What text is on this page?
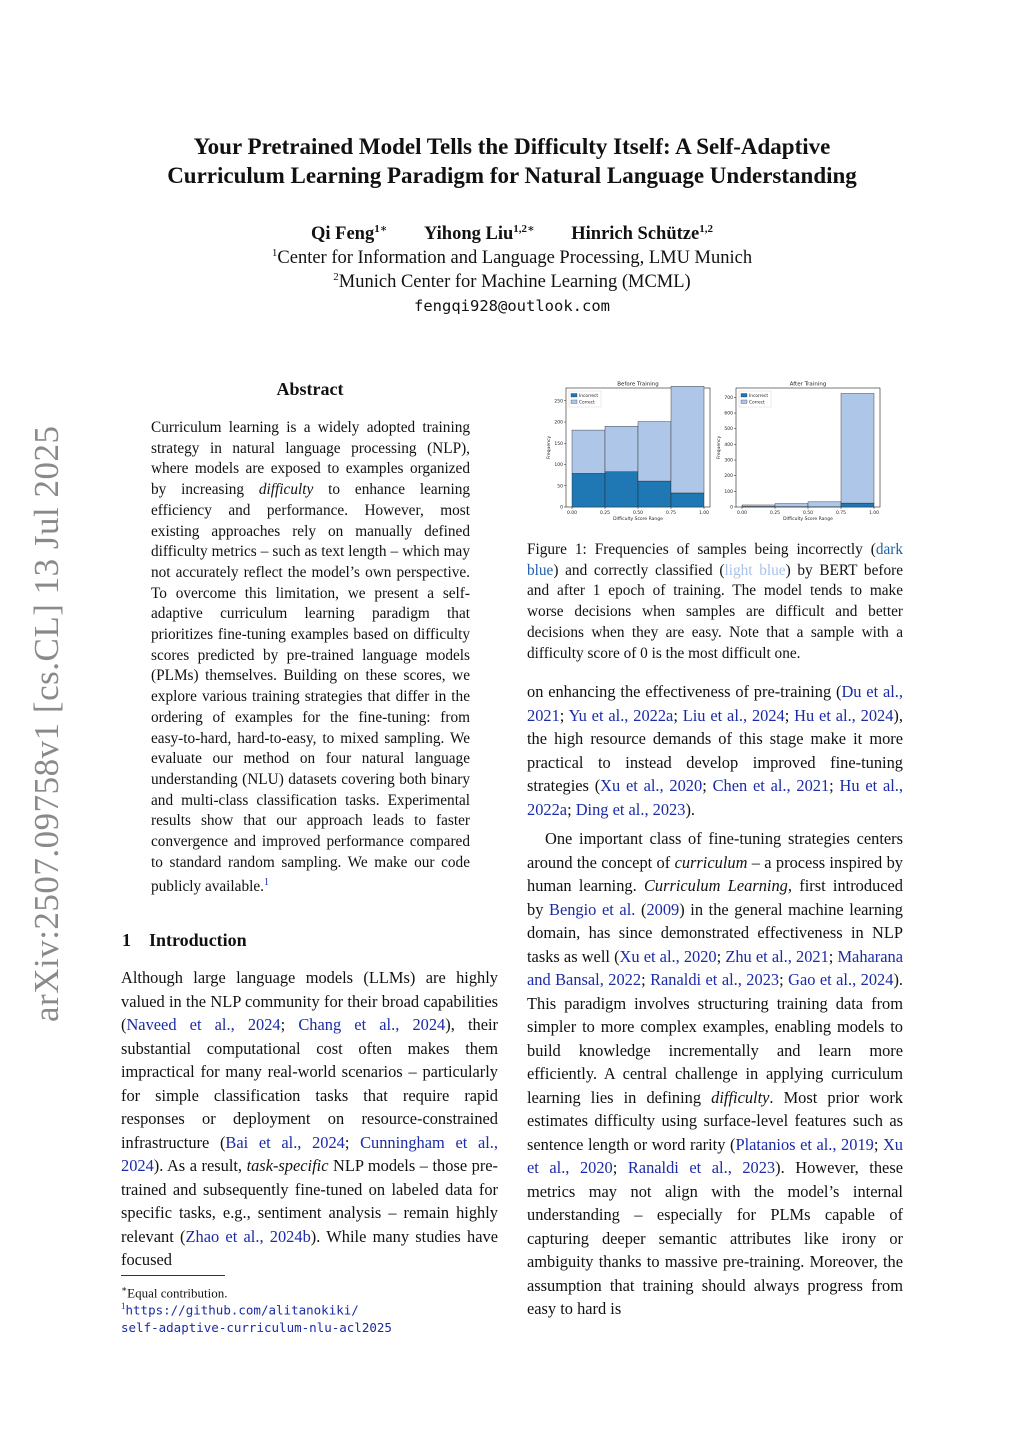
arXiv:2507.09758v1 [cs.CL] 13 Jul 2025
Your Pretrained Model Tells the Difficulty Itself: A Self-Adaptive
Curriculum Learning Paradigm for Natural Language Understanding
Qi Feng$^{1∗}$ Yihong Liu$^{1,2∗}$ Hinrich Schütze$^{1,2}$
$^1$Center for Information and Language Processing, LMU Munich
$^2$Munich Center for Machine Learning (MCML)
fengqi928@outlook.com
Abstract
Curriculum learning is a widely adopted training strategy in natural language processing (NLP), where models are exposed to examples organized by increasing difficulty to enhance learning efficiency and performance. However, most existing approaches rely on manually defined difficulty metrics – such as text length – which may not accurately reflect the model’s own perspective. To overcome this limitation, we present a self-adaptive curriculum learning paradigm that prioritizes fine-tuning examples based on difficulty scores predicted by pre-trained language models (PLMs) themselves. Building on these scores, we explore various training strategies that differ in the ordering of examples for the fine-tuning: from easy-to-hard, hard-to-easy, to mixed sampling. We evaluate our method on four natural language understanding (NLU) datasets covering both binary and multi-class classification tasks. Experimental results show that our approach leads to faster convergence and improved performance compared to standard random sampling. We make our code publicly available.$^1$
1 Introduction

Although large language models (LLMs) are highly valued in the NLP community for their broad capabilities (Naveed et al., 2024; Chang et al., 2024), their substantial computational cost often makes them impractical for many real-world scenarios – particularly for simple classification tasks that require rapid responses or deployment on resource-constrained infrastructure (Bai et al., 2024; Cunningham et al., 2024). As a result, task-specific NLP models – those pre-trained and subsequently fine-tuned on labeled data for specific tasks, e.g., sentiment analysis – remain highly relevant (Zhao et al., 2024b). While many studies have focused

∗Equal contribution.
$^1$https://github.com/alitanokiki/
self-adaptive-curriculum-nlu-acl2025
Before Training
0
50
100
150
200
250
0.00	0.25	0.50	0.75	1.00
Difficulty Score Range
Frequency
Incorrect
Correct
After Training
0
100
200
300
400
500
600
700
0.00	0.25	0.50	0.75	1.00
Difficulty Score Range
Frequency
Incorrect
Correct
Figure 1: Frequencies of samples being incorrectly (dark blue) and correctly classified (light blue) by BERT before and after 1 epoch of training. The model tends to make worse decisions when samples are difficult and better decisions when they are easy. Note that a sample with a difficulty score of 0 is the most difficult one.

on enhancing the effectiveness of pre-training (Du et al., 2021; Yu et al., 2022a; Liu et al., 2024; Hu et al., 2024), the high resource demands of this stage make it more practical to instead develop improved fine-tuning strategies (Xu et al., 2020; Chen et al., 2021; Hu et al., 2022a; Ding et al., 2023).

One important class of fine-tuning strategies centers around the concept of curriculum – a process inspired by human learning. Curriculum Learning, first introduced by Bengio et al. (2009) in the general machine learning domain, has since demonstrated effectiveness in NLP tasks as well (Xu et al., 2020; Zhu et al., 2021; Maharana and Bansal, 2022; Ranaldi et al., 2023; Gao et al., 2024). This paradigm involves structuring training data from simpler to more complex examples, enabling models to build knowledge incrementally and learn more efficiently. A central challenge in applying curriculum learning lies in defining difficulty. Most prior work estimates difficulty using surface-level features such as sentence length or word rarity (Platanios et al., 2019; Xu et al., 2020; Ranaldi et al., 2023). However, these metrics may not align with the model’s internal understanding – especially for PLMs capable of capturing deeper semantic attributes like irony or ambiguity thanks to massive pre-training. Moreover, the assumption that training should always progress from easy to hard is
